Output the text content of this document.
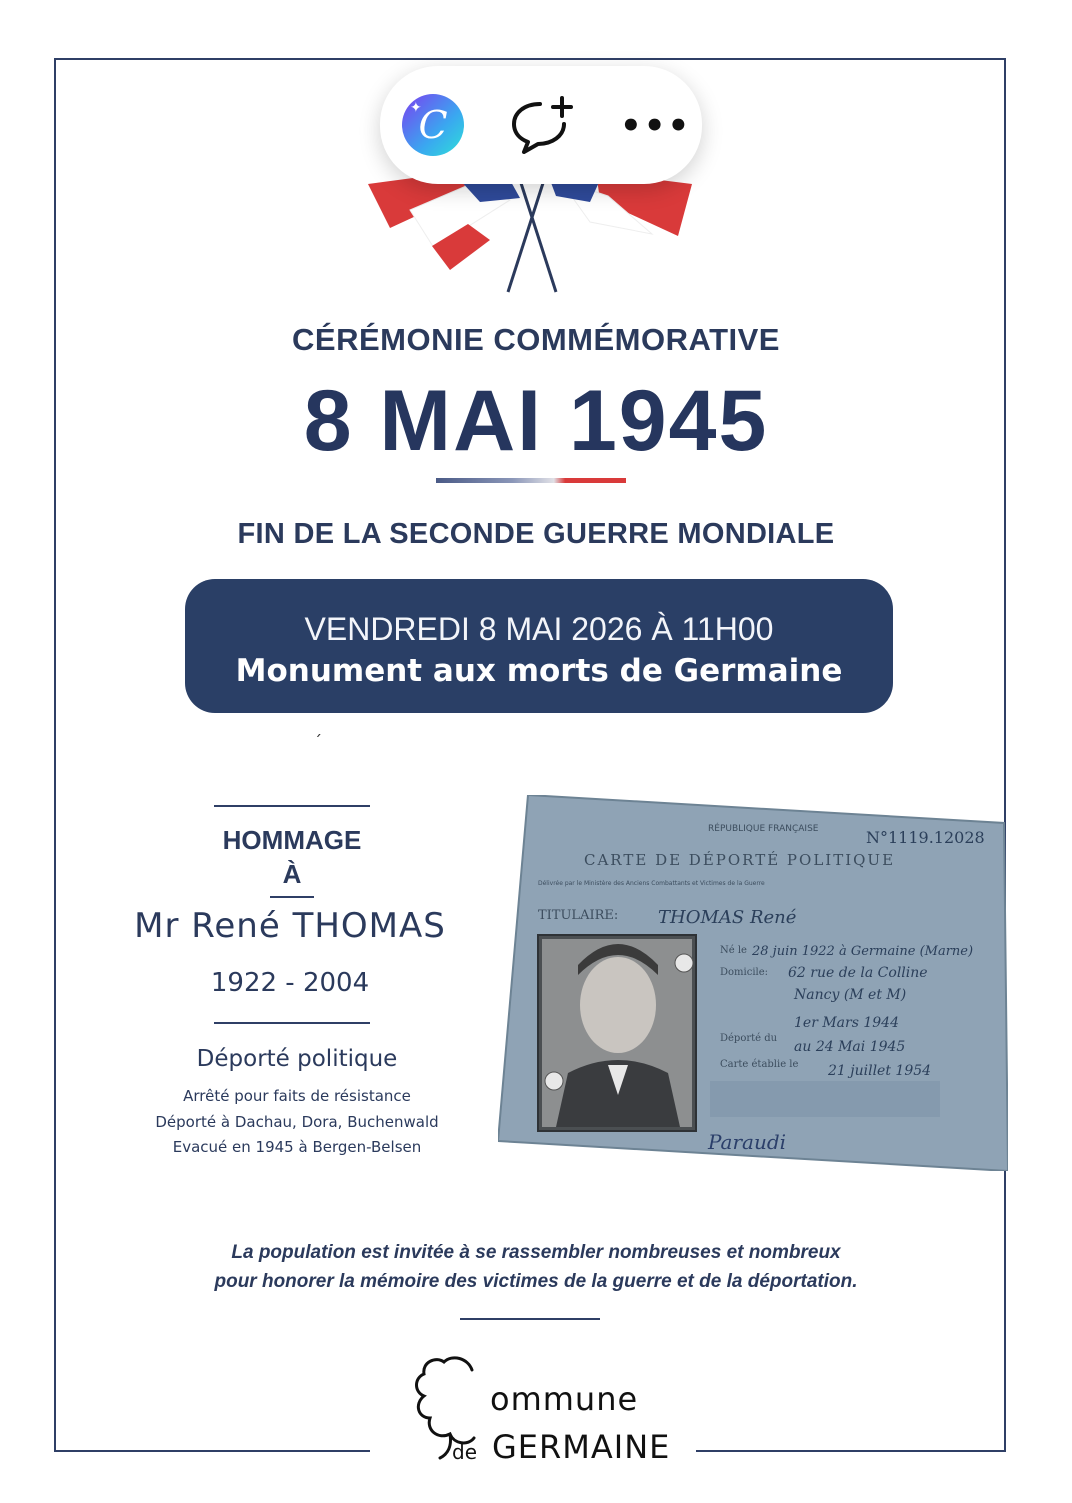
✦
C	•••
CÉRÉMONIE COMMÉMORATIVE
8 MAI 1945
FIN DE LA SECONDE GUERRE MONDIALE
VENDREDI 8 MAI 2026 À 11H00
Monument aux morts de Germaine
´
HOMMAGE
À
Mr René THOMAS
1922 - 2004
Déporté politique
Arrêté pour faits de résistance
Déporté à Dachau, Dora, Buchenwald
Evacué en 1945 à Bergen-Belsen
RÉPUBLIQUE FRANÇAISE	N°1119.12028
CARTE DE DÉPORTÉ POLITIQUE
Délivrée par le Ministère des Anciens Combattants et Victimes de la Guerre
TITULAIRE: THOMAS René
Né le 28 juin 1922 à Germaine (Marne)
Domicile: 62 rue de la Colline
Nancy (M et M)
Déporté du
1er Mars 1944
au 24 Mai 1945
Carte établie le 21 juillet 1954
Paraudi
La population est invitée à se rassembler nombreuses et nombreux
pour honorer la mémoire des victimes de la guerre et de la déportation.
ommune
de GERMAINE
